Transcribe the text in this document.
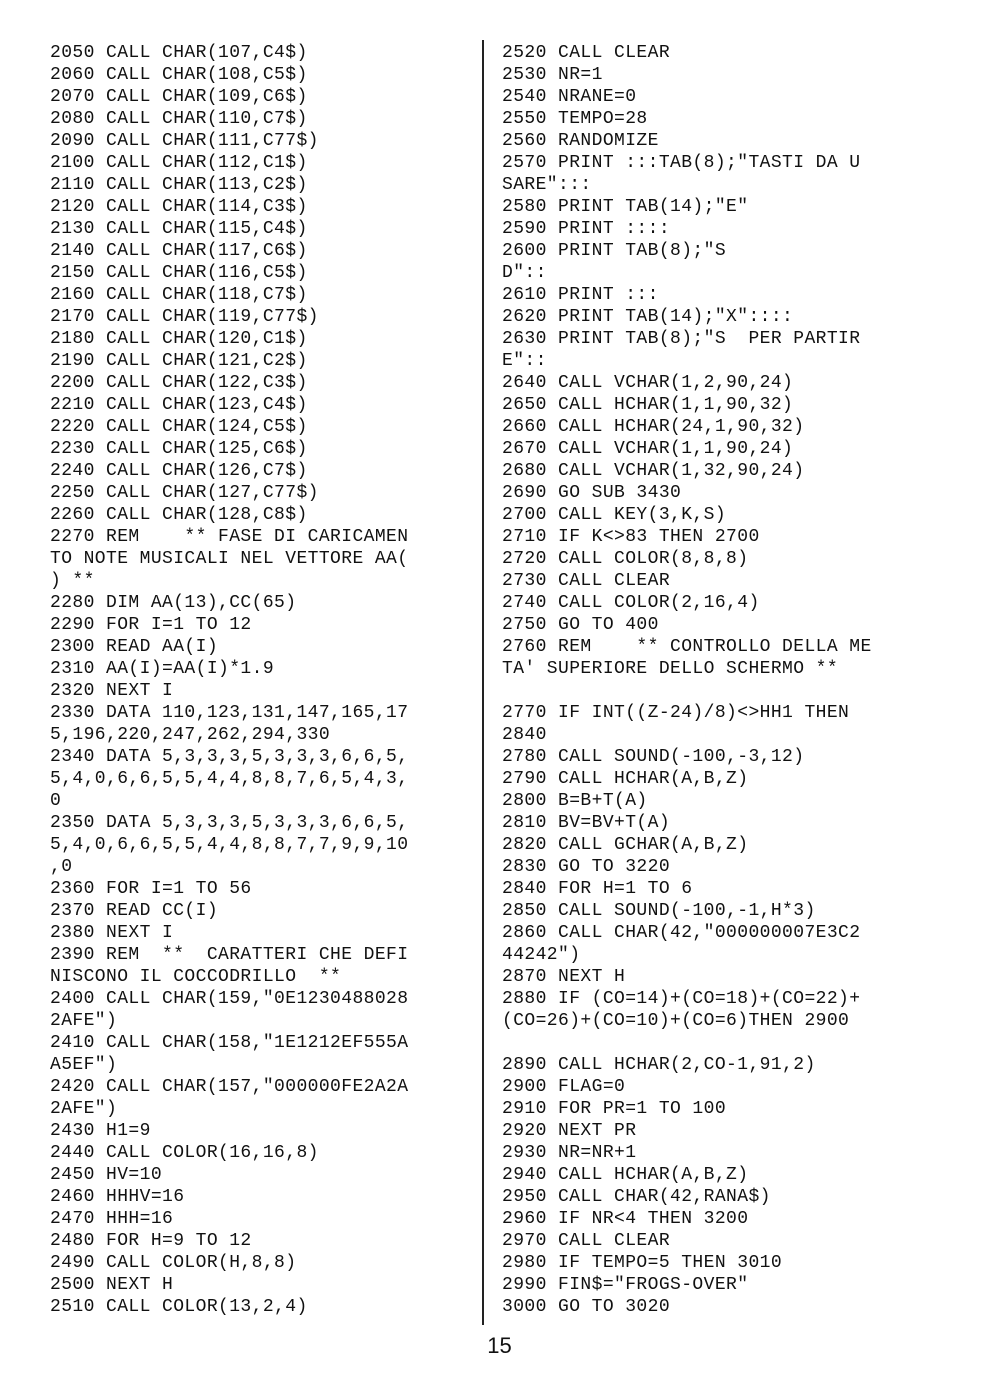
2050 CALL CHAR(107,C4$)
2060 CALL CHAR(108,C5$)
2070 CALL CHAR(109,C6$)
2080 CALL CHAR(110,C7$)
2090 CALL CHAR(111,C77$)
2100 CALL CHAR(112,C1$)
2110 CALL CHAR(113,C2$)
2120 CALL CHAR(114,C3$)
2130 CALL CHAR(115,C4$)
2140 CALL CHAR(117,C6$)
2150 CALL CHAR(116,C5$)
2160 CALL CHAR(118,C7$)
2170 CALL CHAR(119,C77$)
2180 CALL CHAR(120,C1$)
2190 CALL CHAR(121,C2$)
2200 CALL CHAR(122,C3$)
2210 CALL CHAR(123,C4$)
2220 CALL CHAR(124,C5$)
2230 CALL CHAR(125,C6$)
2240 CALL CHAR(126,C7$)
2250 CALL CHAR(127,C77$)
2260 CALL CHAR(128,C8$)
2270 REM    ** FASE DI CARICAMEN
TO NOTE MUSICALI NEL VETTORE AA(
) **
2280 DIM AA(13),CC(65)
2290 FOR I=1 TO 12
2300 READ AA(I)
2310 AA(I)=AA(I)*1.9
2320 NEXT I
2330 DATA 110,123,131,147,165,17
5,196,220,247,262,294,330
2340 DATA 5,3,3,3,5,3,3,3,6,6,5,
5,4,0,6,6,5,5,4,4,8,8,7,6,5,4,3,
0
2350 DATA 5,3,3,3,5,3,3,3,6,6,5,
5,4,0,6,6,5,5,4,4,8,8,7,7,9,9,10
,0
2360 FOR I=1 TO 56
2370 READ CC(I)
2380 NEXT I
2390 REM  **  CARATTERI CHE DEFI
NISCONO IL COCCODRILLO  **
2400 CALL CHAR(159,"0E1230488028
2AFE")
2410 CALL CHAR(158,"1E1212EF555A
A5EF")
2420 CALL CHAR(157,"000000FE2A2A
2AFE")
2430 H1=9
2440 CALL COLOR(16,16,8)
2450 HV=10
2460 HHHV=16
2470 HHH=16
2480 FOR H=9 TO 12
2490 CALL COLOR(H,8,8)
2500 NEXT H
2510 CALL COLOR(13,2,4)
2520 CALL CLEAR
2530 NR=1
2540 NRANE=0
2550 TEMPO=28
2560 RANDOMIZE
2570 PRINT :::TAB(8);"TASTI DA U
SARE":::
2580 PRINT TAB(14);"E"
2590 PRINT ::::
2600 PRINT TAB(8);"S
D"::
2610 PRINT :::
2620 PRINT TAB(14);"X"::::
2630 PRINT TAB(8);"S  PER PARTIR
E"::
2640 CALL VCHAR(1,2,90,24)
2650 CALL HCHAR(1,1,90,32)
2660 CALL HCHAR(24,1,90,32)
2670 CALL VCHAR(1,1,90,24)
2680 CALL VCHAR(1,32,90,24)
2690 GO SUB 3430
2700 CALL KEY(3,K,S)
2710 IF K<>83 THEN 2700
2720 CALL COLOR(8,8,8)
2730 CALL CLEAR
2740 CALL COLOR(2,16,4)
2750 GO TO 400
2760 REM    ** CONTROLLO DELLA ME
TA' SUPERIORE DELLO SCHERMO **
2770 IF INT((Z-24)/8)<>HH1 THEN
2840
2780 CALL SOUND(-100,-3,12)
2790 CALL HCHAR(A,B,Z)
2800 B=B+T(A)
2810 BV=BV+T(A)
2820 CALL GCHAR(A,B,Z)
2830 GO TO 3220
2840 FOR H=1 TO 6
2850 CALL SOUND(-100,-1,H*3)
2860 CALL CHAR(42,"000000007E3C2
44242")
2870 NEXT H
2880 IF (CO=14)+(CO=18)+(CO=22)+
(CO=26)+(CO=10)+(CO=6)THEN 2900
2890 CALL HCHAR(2,CO-1,91,2)
2900 FLAG=0
2910 FOR PR=1 TO 100
2920 NEXT PR
2930 NR=NR+1
2940 CALL HCHAR(A,B,Z)
2950 CALL CHAR(42,RANA$)
2960 IF NR<4 THEN 3200
2970 CALL CLEAR
2980 IF TEMPO=5 THEN 3010
2990 FIN$="FROGS-OVER"
3000 GO TO 3020
15
